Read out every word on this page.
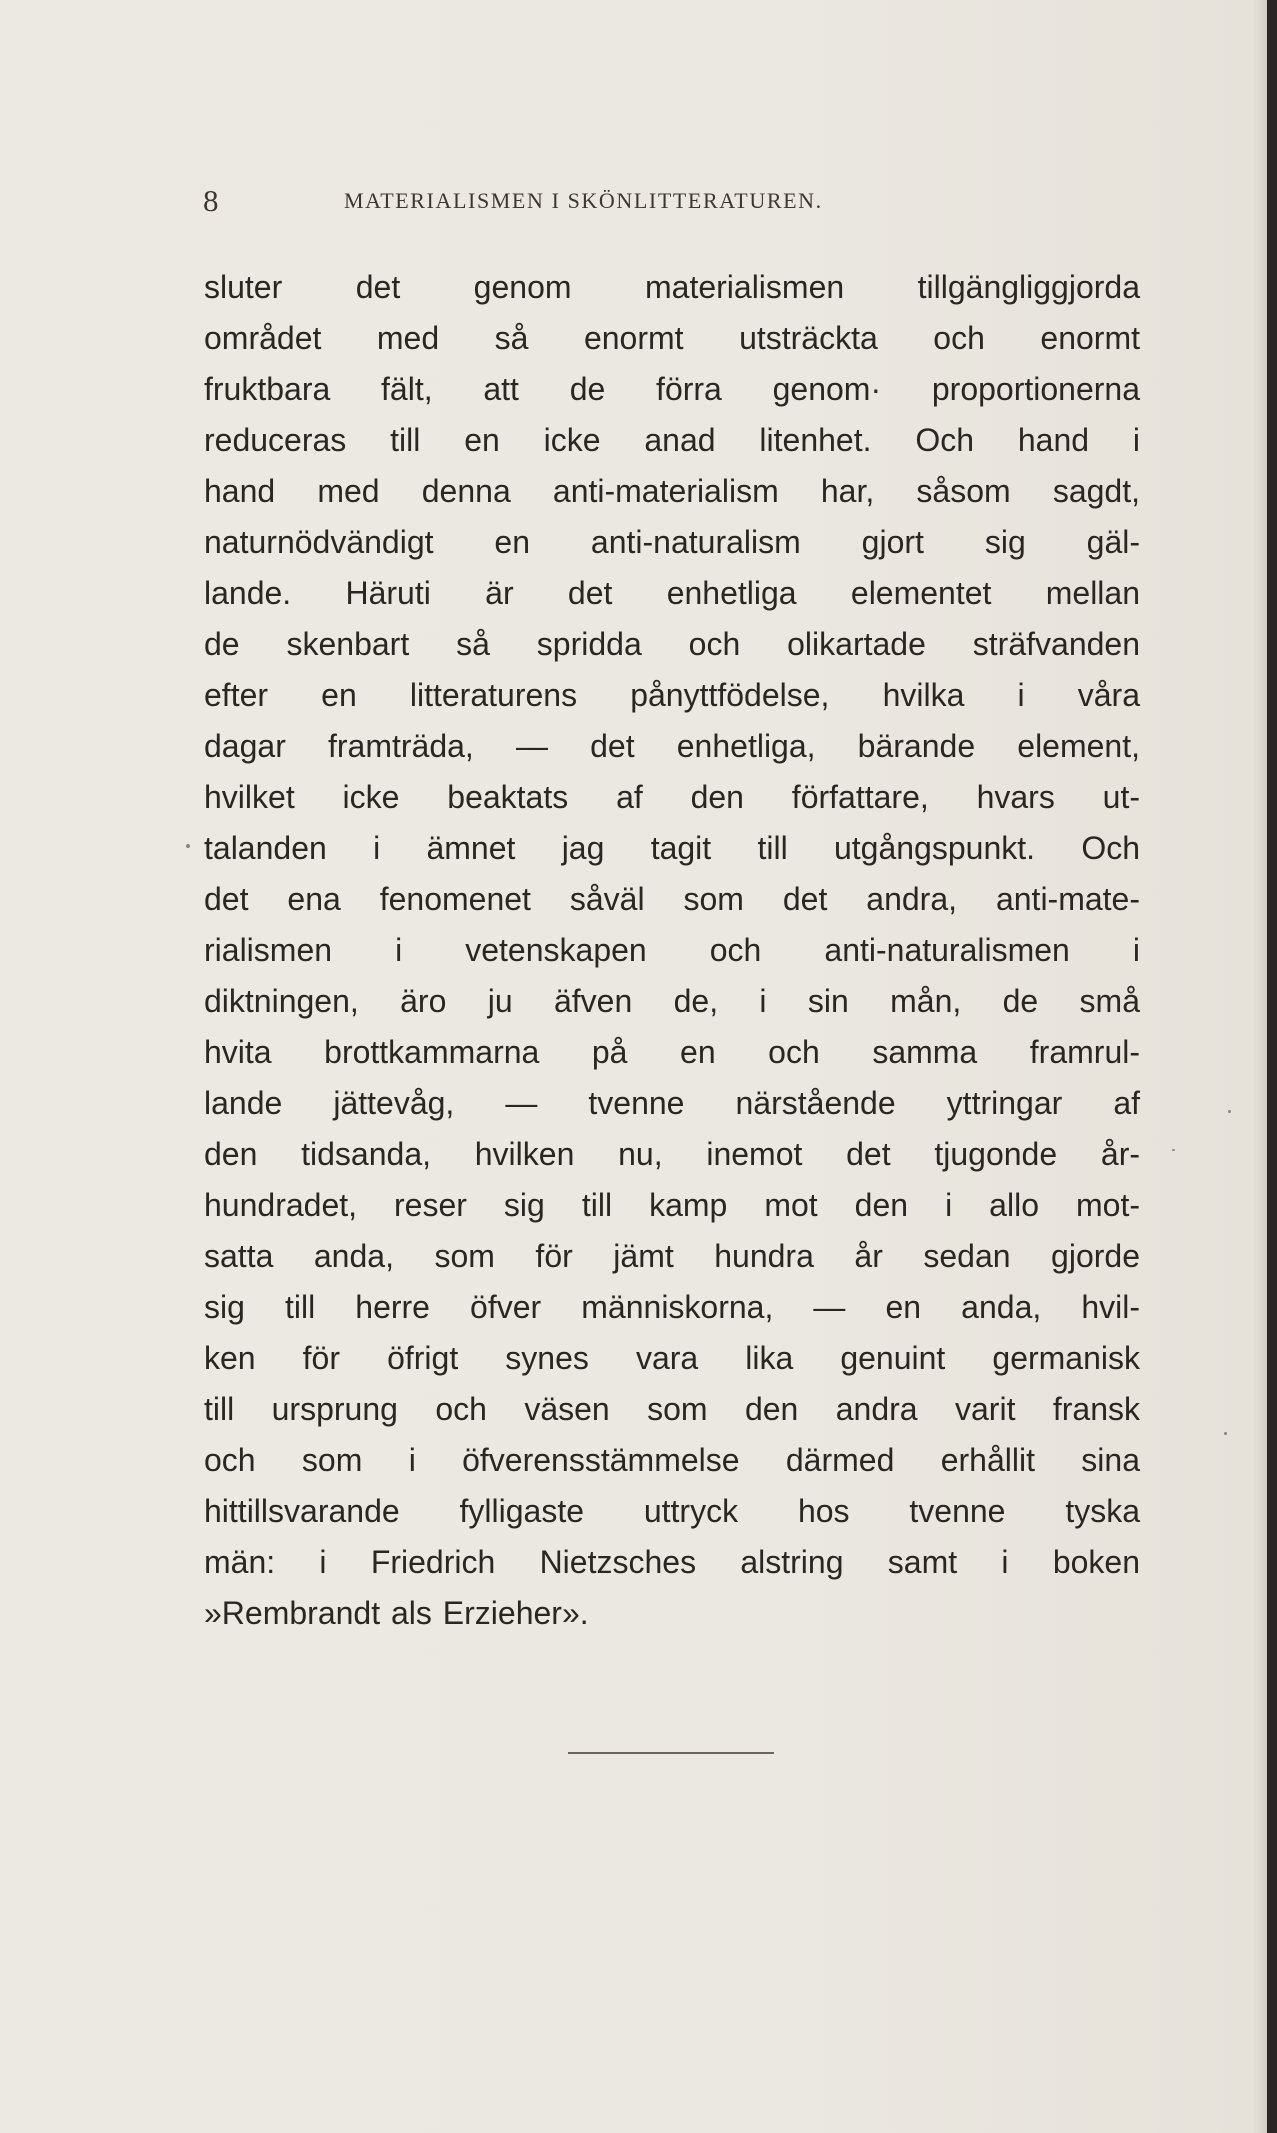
8	MATERIALISMEN I SKÖNLITTERATUREN.
sluter det genom materialismen tillgängliggjorda
området med så enormt utsträckta och enormt
fruktbara fält, att de förra genom· proportionerna
reduceras till en icke anad litenhet. Och hand i
hand med denna anti-materialism har, såsom sagdt,
naturnödvändigt en anti-naturalism gjort sig gäl-
lande. Häruti är det enhetliga elementet mellan
de skenbart så spridda och olikartade sträfvanden
efter en litteraturens pånyttfödelse, hvilka i våra
dagar framträda, — det enhetliga, bärande element,
hvilket icke beaktats af den författare, hvars ut-
talanden i ämnet jag tagit till utgångspunkt. Och
det ena fenomenet såväl som det andra, anti-mate-
rialismen i vetenskapen och anti-naturalismen i
diktningen, äro ju äfven de, i sin mån, de små
hvita brottkammarna på en och samma framrul-
lande jättevåg, — tvenne närstående yttringar af
den tidsanda, hvilken nu, inemot det tjugonde år-
hundradet, reser sig till kamp mot den i allo mot-
satta anda, som för jämt hundra år sedan gjorde
sig till herre öfver människorna, — en anda, hvil-
ken för öfrigt synes vara lika genuint germanisk
till ursprung och väsen som den andra varit fransk
och som i öfverensstämmelse därmed erhållit sina
hittillsvarande fylligaste uttryck hos tvenne tyska
män: i Friedrich Nietzsches alstring samt i boken
»Rembrandt als Erzieher».
